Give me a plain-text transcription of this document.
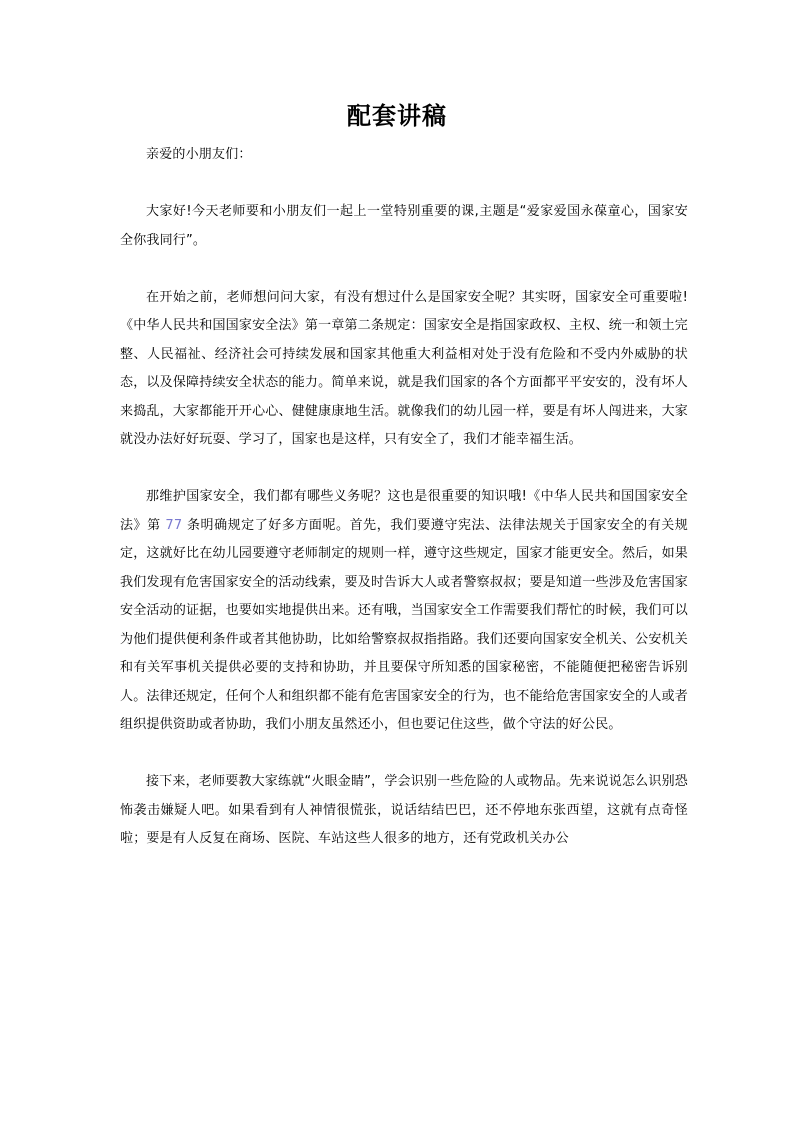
配套讲稿

亲爱的小朋友们：

大家好!今天老师要和小朋友们一起上一堂特别重要的课,主题是“爱家爱国永葆童心，国家安全你我同行”。

在开始之前，老师想问问大家，有没有想过什么是国家安全呢？其实呀，国家安全可重要啦!《中华人民共和国国家安全法》第一章第二条规定：国家安全是指国家政权、主权、统一和领土完整、人民福祉、经济社会可持续发展和国家其他重大利益相对处于没有危险和不受内外威胁的状态，以及保障持续安全状态的能力。简单来说，就是我们国家的各个方面都平平安安的，没有坏人来捣乱，大家都能开开心心、健健康康地生活。就像我们的幼儿园一样，要是有坏人闯进来，大家就没办法好好玩耍、学习了，国家也是这样，只有安全了，我们才能幸福生活。

那维护国家安全，我们都有哪些义务呢？这也是很重要的知识哦!《中华人民共和国国家安全法》第 77 条明确规定了好多方面呢。首先，我们要遵守宪法、法律法规关于国家安全的有关规定，这就好比在幼儿园要遵守老师制定的规则一样，遵守这些规定，国家才能更安全。然后，如果我们发现有危害国家安全的活动线索，要及时告诉大人或者警察叔叔；要是知道一些涉及危害国家安全活动的证据，也要如实地提供出来。还有哦，当国家安全工作需要我们帮忙的时候，我们可以为他们提供便利条件或者其他协助，比如给警察叔叔指指路。我们还要向国家安全机关、公安机关和有关军事机关提供必要的支持和协助，并且要保守所知悉的国家秘密，不能随便把秘密告诉别人。法律还规定，任何个人和组织都不能有危害国家安全的行为，也不能给危害国家安全的人或者组织提供资助或者协助，我们小朋友虽然还小，但也要记住这些，做个守法的好公民。

接下来，老师要教大家练就“火眼金睛”，学会识别一些危险的人或物品。先来说说怎么识别恐怖袭击嫌疑人吧。如果看到有人神情很慌张，说话结结巴巴，还不停地东张西望，这就有点奇怪啦；要是有人反复在商场、医院、车站这些人很多的地方，还有党政机关办公
